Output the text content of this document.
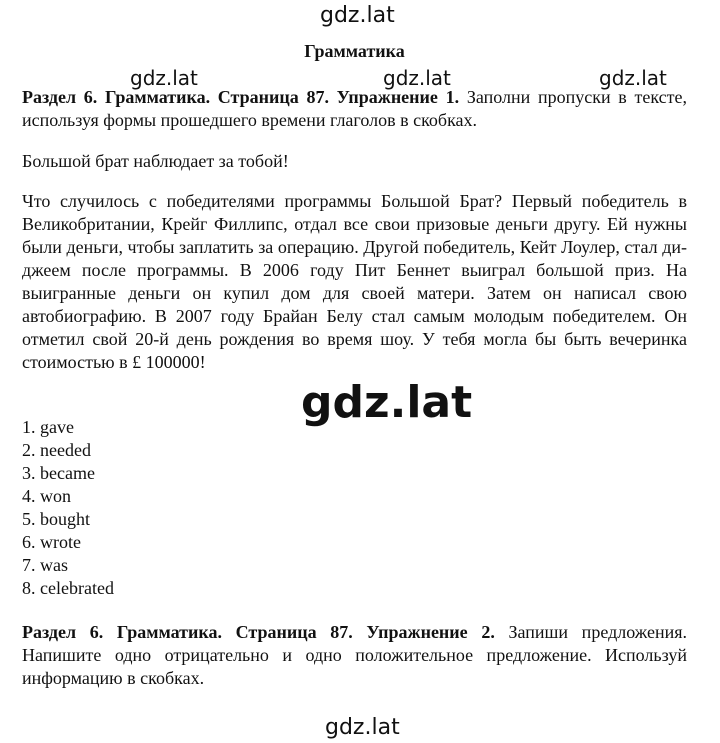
gdz.lat
gdz.lat	gdz.lat	gdz.lat
Грамматика

Раздел 6. Грамматика. Страница 87. Упражнение 1. Заполни пропуски в тексте, используя формы прошедшего времени глаголов в скобках.

Большой брат наблюдает за тобой!

Что случилось с победителями программы Большой Брат? Первый победитель в Великобритании, Крейг Филлипс, отдал все свои призовые деньги другу. Ей нужны были деньги, чтобы заплатить за операцию. Другой победитель, Кейт Лоулер, стал ди-джеем после программы. В 2006 году Пит Беннет выиграл большой приз. На выигранные деньги он купил дом для своей матери. Затем он написал свою автобиографию. В 2007 году Брайан Белу стал самым молодым победителем. Он отметил свой 20-й день рождения во время шоу. У тебя могла бы быть вечеринка стоимостью в £ 100000!

1. gave
2. needed
3. became
4. won
5. bought
6. wrote
7. was
8. celebrated

Раздел 6. Грамматика. Страница 87. Упражнение 2. Запиши предложения. Напишите одно отрицательно и одно положительное предложение. Используй информацию в скобках.

gdz.lat
gdz.lat
